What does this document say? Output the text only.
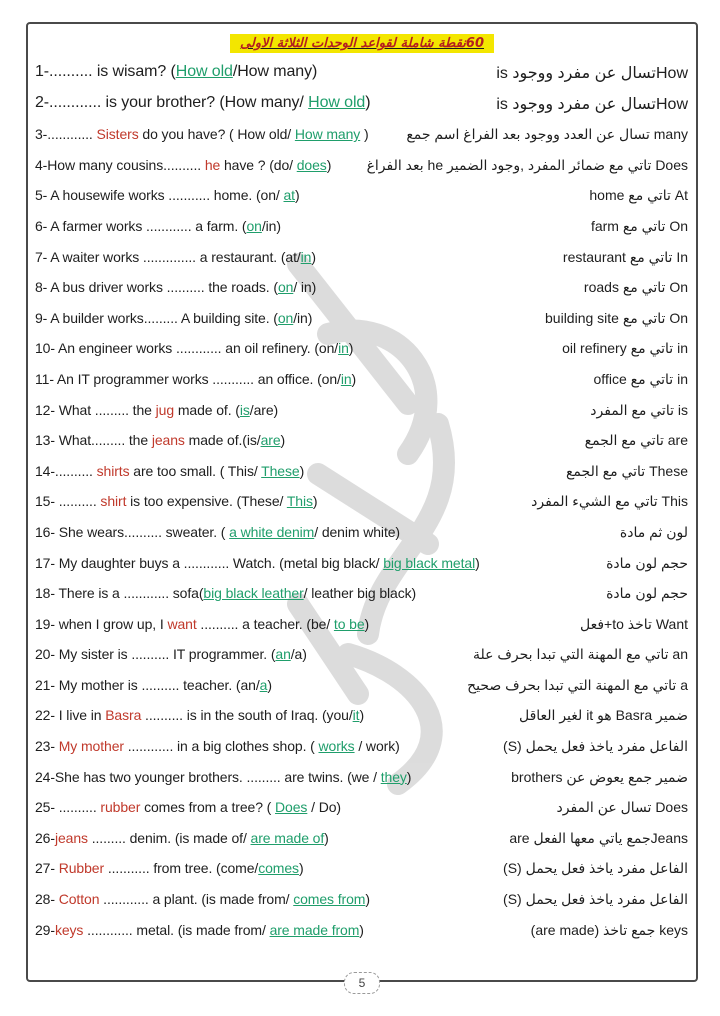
60نقطة شاملة لقواعد الوحدات الثلاثة الاولى
1-.......... is wisam? (How old/How many)	Howتسال عن مفرد ووجود is
2-............ is your brother? (How many/ How old)	Howتسال عن مفرد ووجود is
3-............ Sisters do you have? ( How old/ How many )	many تسال عن العدد ووجود بعد الفراغ اسم جمع
4-How many cousins.......... he have ? (do/ does)	Does تاتي مع ضمائر المفرد ,وجود الضمير he بعد الفراغ
5- A housewife works ........... home. (on/ at)	At تاتي مع home
6- A farmer works ............ a farm. (on/in)	On تاتي مع farm
7- A waiter works .............. a restaurant. (at/in)	In تاتي مع restaurant
8- A bus driver works .......... the roads. (on/ in)	On تاتي مع roads
9- A builder works......... A building site. (on/in)	On تاتي مع building site
10- An engineer works ............ an oil refinery. (on/in)	in تاتي مع oil refinery
11- An IT programmer works ........... an office. (on/in)	in تاتي مع office
12- What ......... the jug made of. (is/are)	is تاتي مع المفرد
13- What......... the jeans made of.(is/are)	are تاتي مع الجمع
14-.......... shirts are too small. ( This/ These)	These تاتي مع الجمع
15- .......... shirt is too expensive. (These/ This)	This تاتي مع الشيء المفرد
16- She wears.......... sweater. ( a white denim/ denim white)	لون ثم مادة
17- My daughter buys a ............ Watch. (metal big black/ big black metal)	حجم لون مادة
18- There is a ............ sofa(big black leather/ leather big black)	حجم لون مادة
19- when I grow up, I want .......... a teacher. (be/ to be)	Want تاخذ to+فعل
20- My sister is .......... IT programmer. (an/a)	an تاتي مع المهنة التي تبدا بحرف علة
21- My mother is .......... teacher. (an/a)	a تاتي مع المهنة التي تبدا بحرف صحيح
22- I live in Basra .......... is in the south of Iraq. (you/it)	ضمير Basra هو it لغير العاقل
23- My mother ............ in a big clothes shop. ( works / work)	الفاعل مفرد ياخذ فعل يحمل (S)
24-She has two younger brothers. ......... are twins. (we / they)	ضمير جمع يعوض عن brothers
25- .......... rubber comes from a tree? ( Does / Do)	Does تسال عن المفرد
26-jeans ......... denim. (is made of/ are made of)	Jeansجمع ياتي معها الفعل are
27- Rubber ........... from tree. (come/comes)	الفاعل مفرد ياخذ فعل يحمل (S)
28- Cotton ............ a plant. (is made from/ comes from)	الفاعل مفرد ياخذ فعل يحمل (S)
29-keys ............ metal. (is made from/ are made from)	keys جمع تاخذ (are made)
5
